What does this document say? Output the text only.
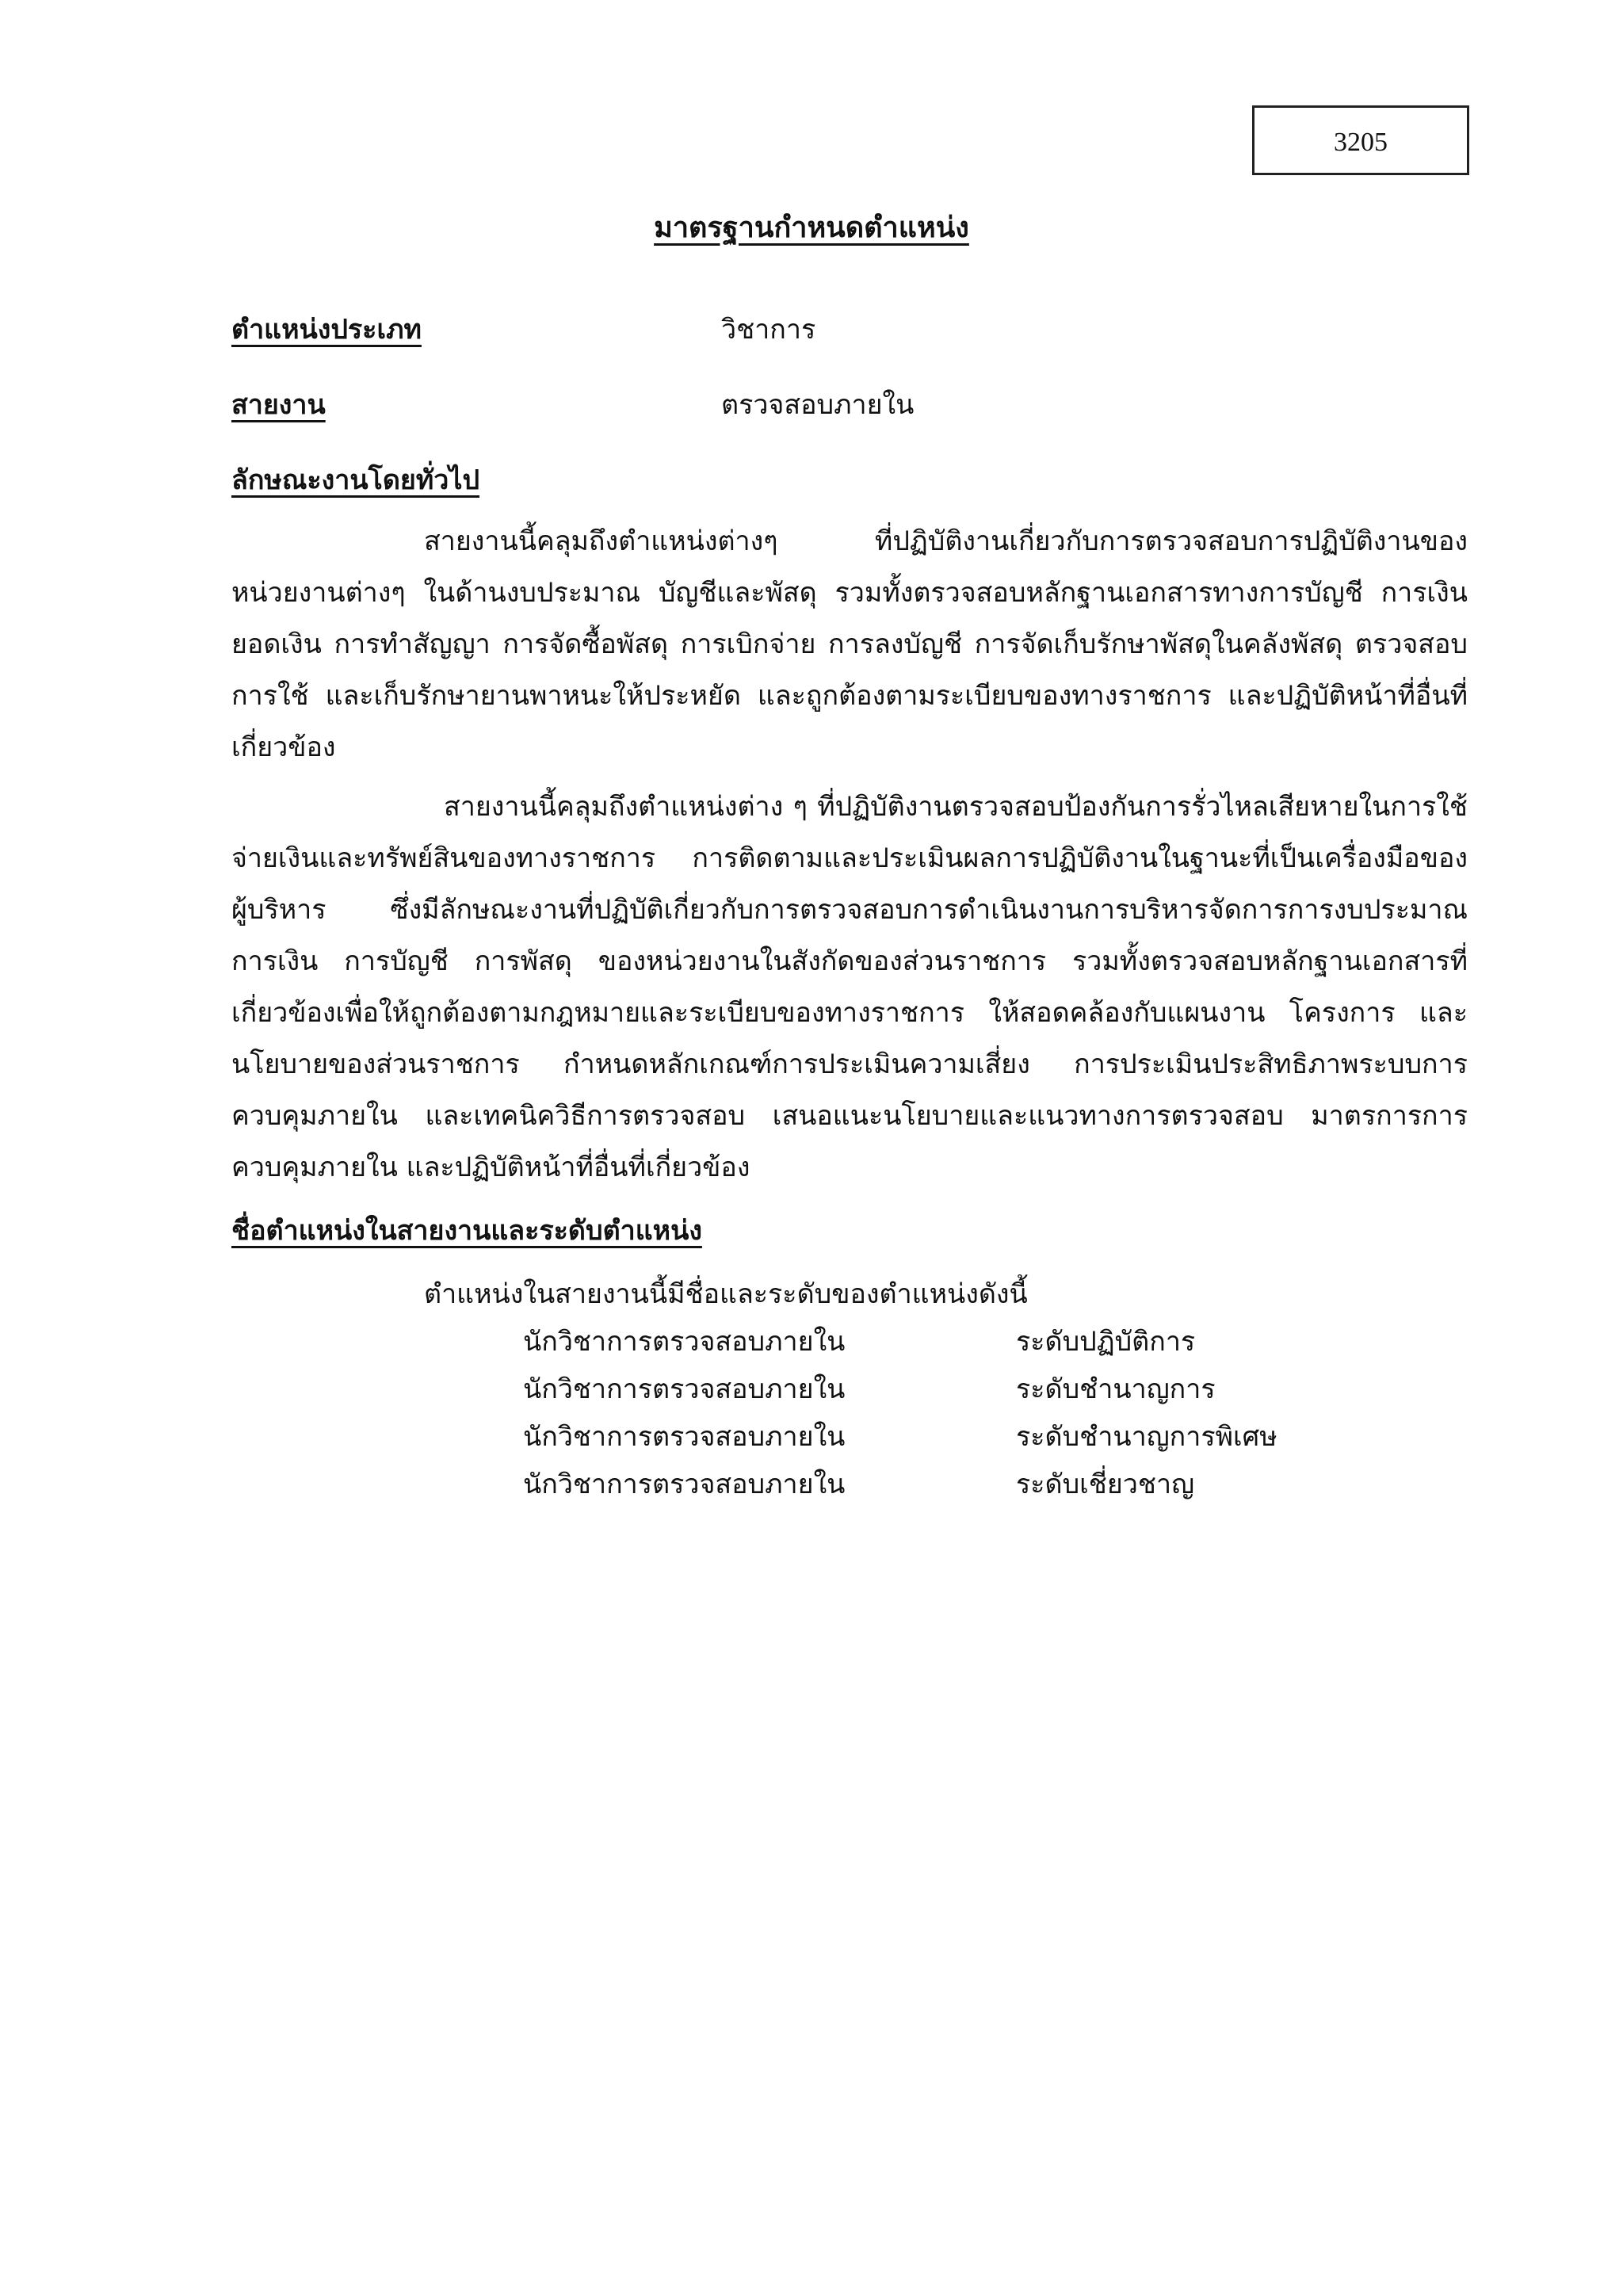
3205
มาตรฐานกำหนดตำแหน่ง
ตำแหน่งประเภท	วิชาการ
สายงาน	ตรวจสอบภายใน
ลักษณะงานโดยทั่วไป
สายงานนี้คลุมถึงตำแหน่งต่างๆ ที่ปฏิบัติงานเกี่ยวกับการตรวจสอบการปฏิบัติงานของ
หน่วยงานต่างๆ ในด้านงบประมาณ บัญชีและพัสดุ รวมทั้งตรวจสอบหลักฐานเอกสารทางการบัญชี การเงิน
ยอดเงิน การทำสัญญา การจัดซื้อพัสดุ การเบิกจ่าย การลงบัญชี การจัดเก็บรักษาพัสดุในคลังพัสดุ ตรวจสอบ
การใช้ และเก็บรักษายานพาหนะให้ประหยัด และถูกต้องตามระเบียบของทางราชการ และปฏิบัติหน้าที่อื่นที่
เกี่ยวข้อง
สายงานนี้คลุมถึงตำแหน่งต่าง ๆ ที่ปฏิบัติงานตรวจสอบป้องกันการรั่วไหลเสียหายในการใช้
จ่ายเงินและทรัพย์สินของทางราชการ การติดตามและประเมินผลการปฏิบัติงานในฐานะที่เป็นเครื่องมือของ
ผู้บริหาร ซึ่งมีลักษณะงานที่ปฏิบัติเกี่ยวกับการตรวจสอบการดำเนินงานการบริหารจัดการการงบประมาณ
การเงิน การบัญชี การพัสดุ ของหน่วยงานในสังกัดของส่วนราชการ รวมทั้งตรวจสอบหลักฐานเอกสารที่
เกี่ยวข้องเพื่อให้ถูกต้องตามกฎหมายและระเบียบของทางราชการ ให้สอดคล้องกับแผนงาน โครงการ และ
นโยบายของส่วนราชการ กำหนดหลักเกณฑ์การประเมินความเสี่ยง การประเมินประสิทธิภาพระบบการ
ควบคุมภายใน และเทคนิควิธีการตรวจสอบ เสนอแนะนโยบายและแนวทางการตรวจสอบ มาตรการการ
ควบคุมภายใน และปฏิบัติหน้าที่อื่นที่เกี่ยวข้อง
ชื่อตำแหน่งในสายงานและระดับตำแหน่ง
ตำแหน่งในสายงานนี้มีชื่อและระดับของตำแหน่งดังนี้
นักวิชาการตรวจสอบภายใน	ระดับปฏิบัติการ
นักวิชาการตรวจสอบภายใน	ระดับชำนาญการ
นักวิชาการตรวจสอบภายใน	ระดับชำนาญการพิเศษ
นักวิชาการตรวจสอบภายใน	ระดับเชี่ยวชาญ
